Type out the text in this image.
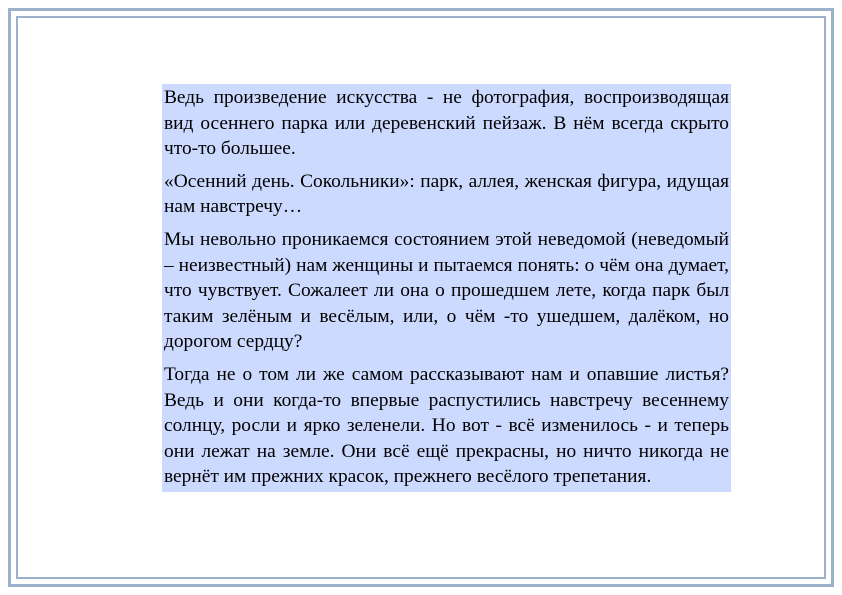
Ведь произведение искусства - не фотография, воспроизводящая вид осеннего парка или деревенский пейзаж. В нём всегда скрыто что-то большее.

«Осенний день. Сокольники»: парк, аллея, женская фигура, идущая нам навстречу…

Мы невольно проникаемся состоянием этой неведомой (неведомый – неизвестный) нам женщины и пытаемся понять: о чём она думает, что чувствует. Сожалеет ли она о прошедшем лете, когда парк был таким зелёным и весёлым, или, о чём -то ушедшем, далёком, но дорогом сердцу?

Тогда не о том ли же самом рассказывают нам и опавшие листья? Ведь и они когда-то впервые распустились навстречу весеннему солнцу, росли и ярко зеленели. Но вот - всё изменилось - и теперь они лежат на земле. Они всё ещё прекрасны, но ничто никогда не вернёт им прежних красок, прежнего весёлого трепетания.
